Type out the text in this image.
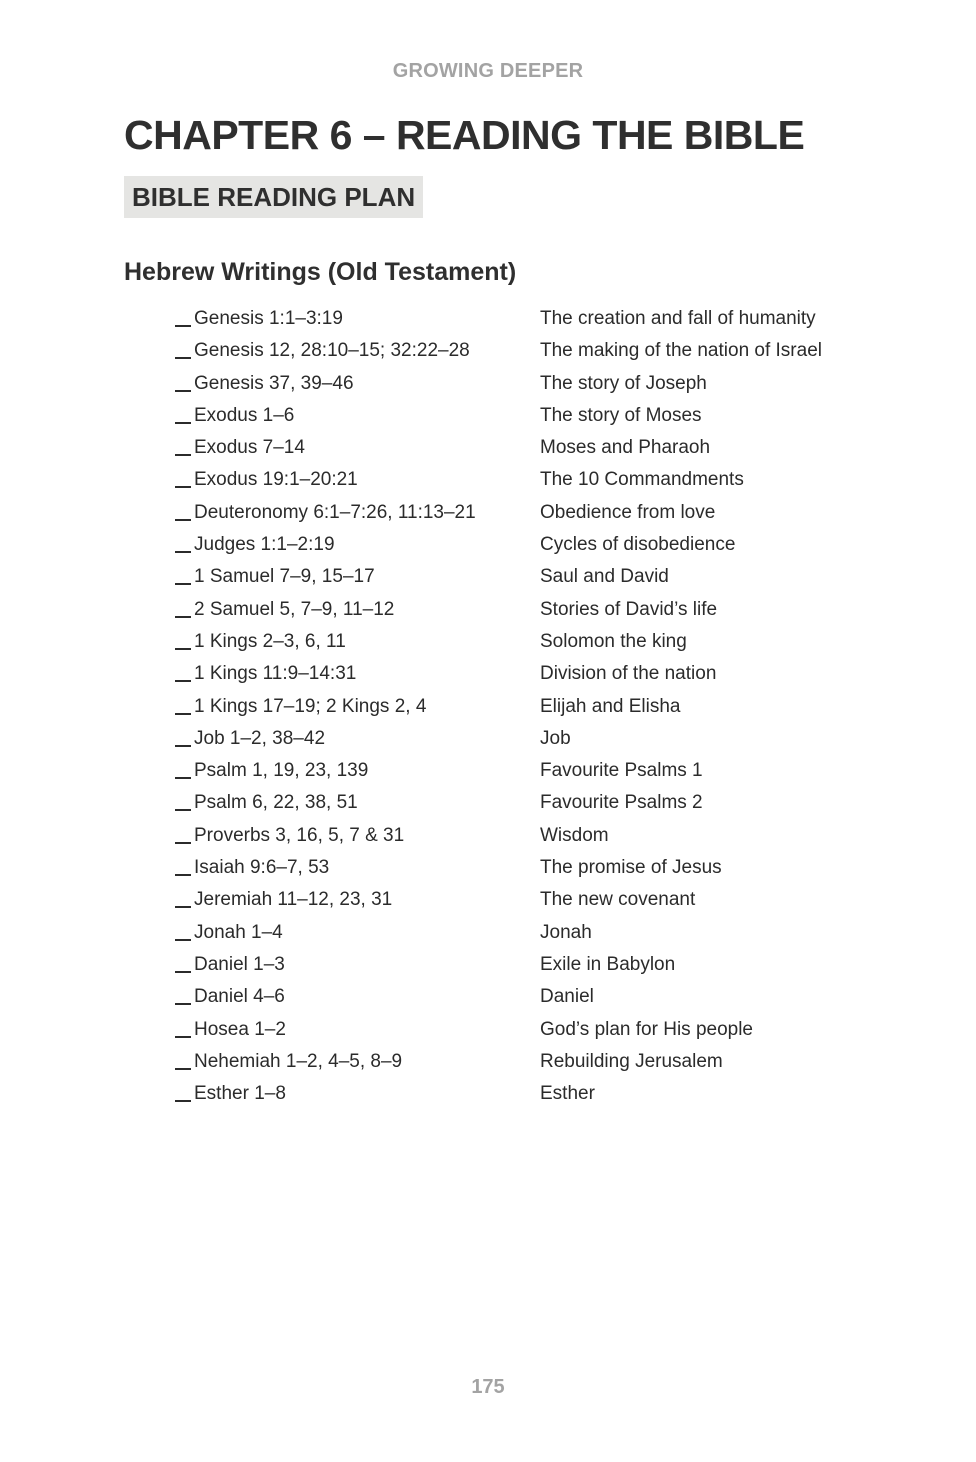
GROWING DEEPER
CHAPTER 6 – READING THE BIBLE
BIBLE READING PLAN
Hebrew Writings (Old Testament)
Genesis 1:1–3:19	The creation and fall of humanity
Genesis 12, 28:10–15; 32:22–28	The making of the nation of Israel
Genesis 37, 39–46	The story of Joseph
Exodus 1–6	The story of Moses
Exodus 7–14	Moses and Pharaoh
Exodus 19:1–20:21	The 10 Commandments
Deuteronomy 6:1–7:26, 11:13–21	Obedience from love
Judges 1:1–2:19	Cycles of disobedience
1 Samuel 7–9, 15–17	Saul and David
2 Samuel 5, 7–9, 11–12	Stories of David’s life
1 Kings 2–3, 6, 11	Solomon the king
1 Kings 11:9–14:31	Division of the nation
1 Kings 17–19; 2 Kings 2, 4	Elijah and Elisha
Job 1–2, 38–42	Job
Psalm 1, 19, 23, 139	Favourite Psalms 1
Psalm 6, 22, 38, 51	Favourite Psalms 2
Proverbs 3, 16, 5, 7 & 31	Wisdom
Isaiah 9:6–7, 53	The promise of Jesus
Jeremiah 11–12, 23, 31	The new covenant
Jonah 1–4	Jonah
Daniel 1–3	Exile in Babylon
Daniel 4–6	Daniel
Hosea 1–2	God’s plan for His people
Nehemiah 1–2, 4–5, 8–9	Rebuilding Jerusalem
Esther 1–8	Esther
175
